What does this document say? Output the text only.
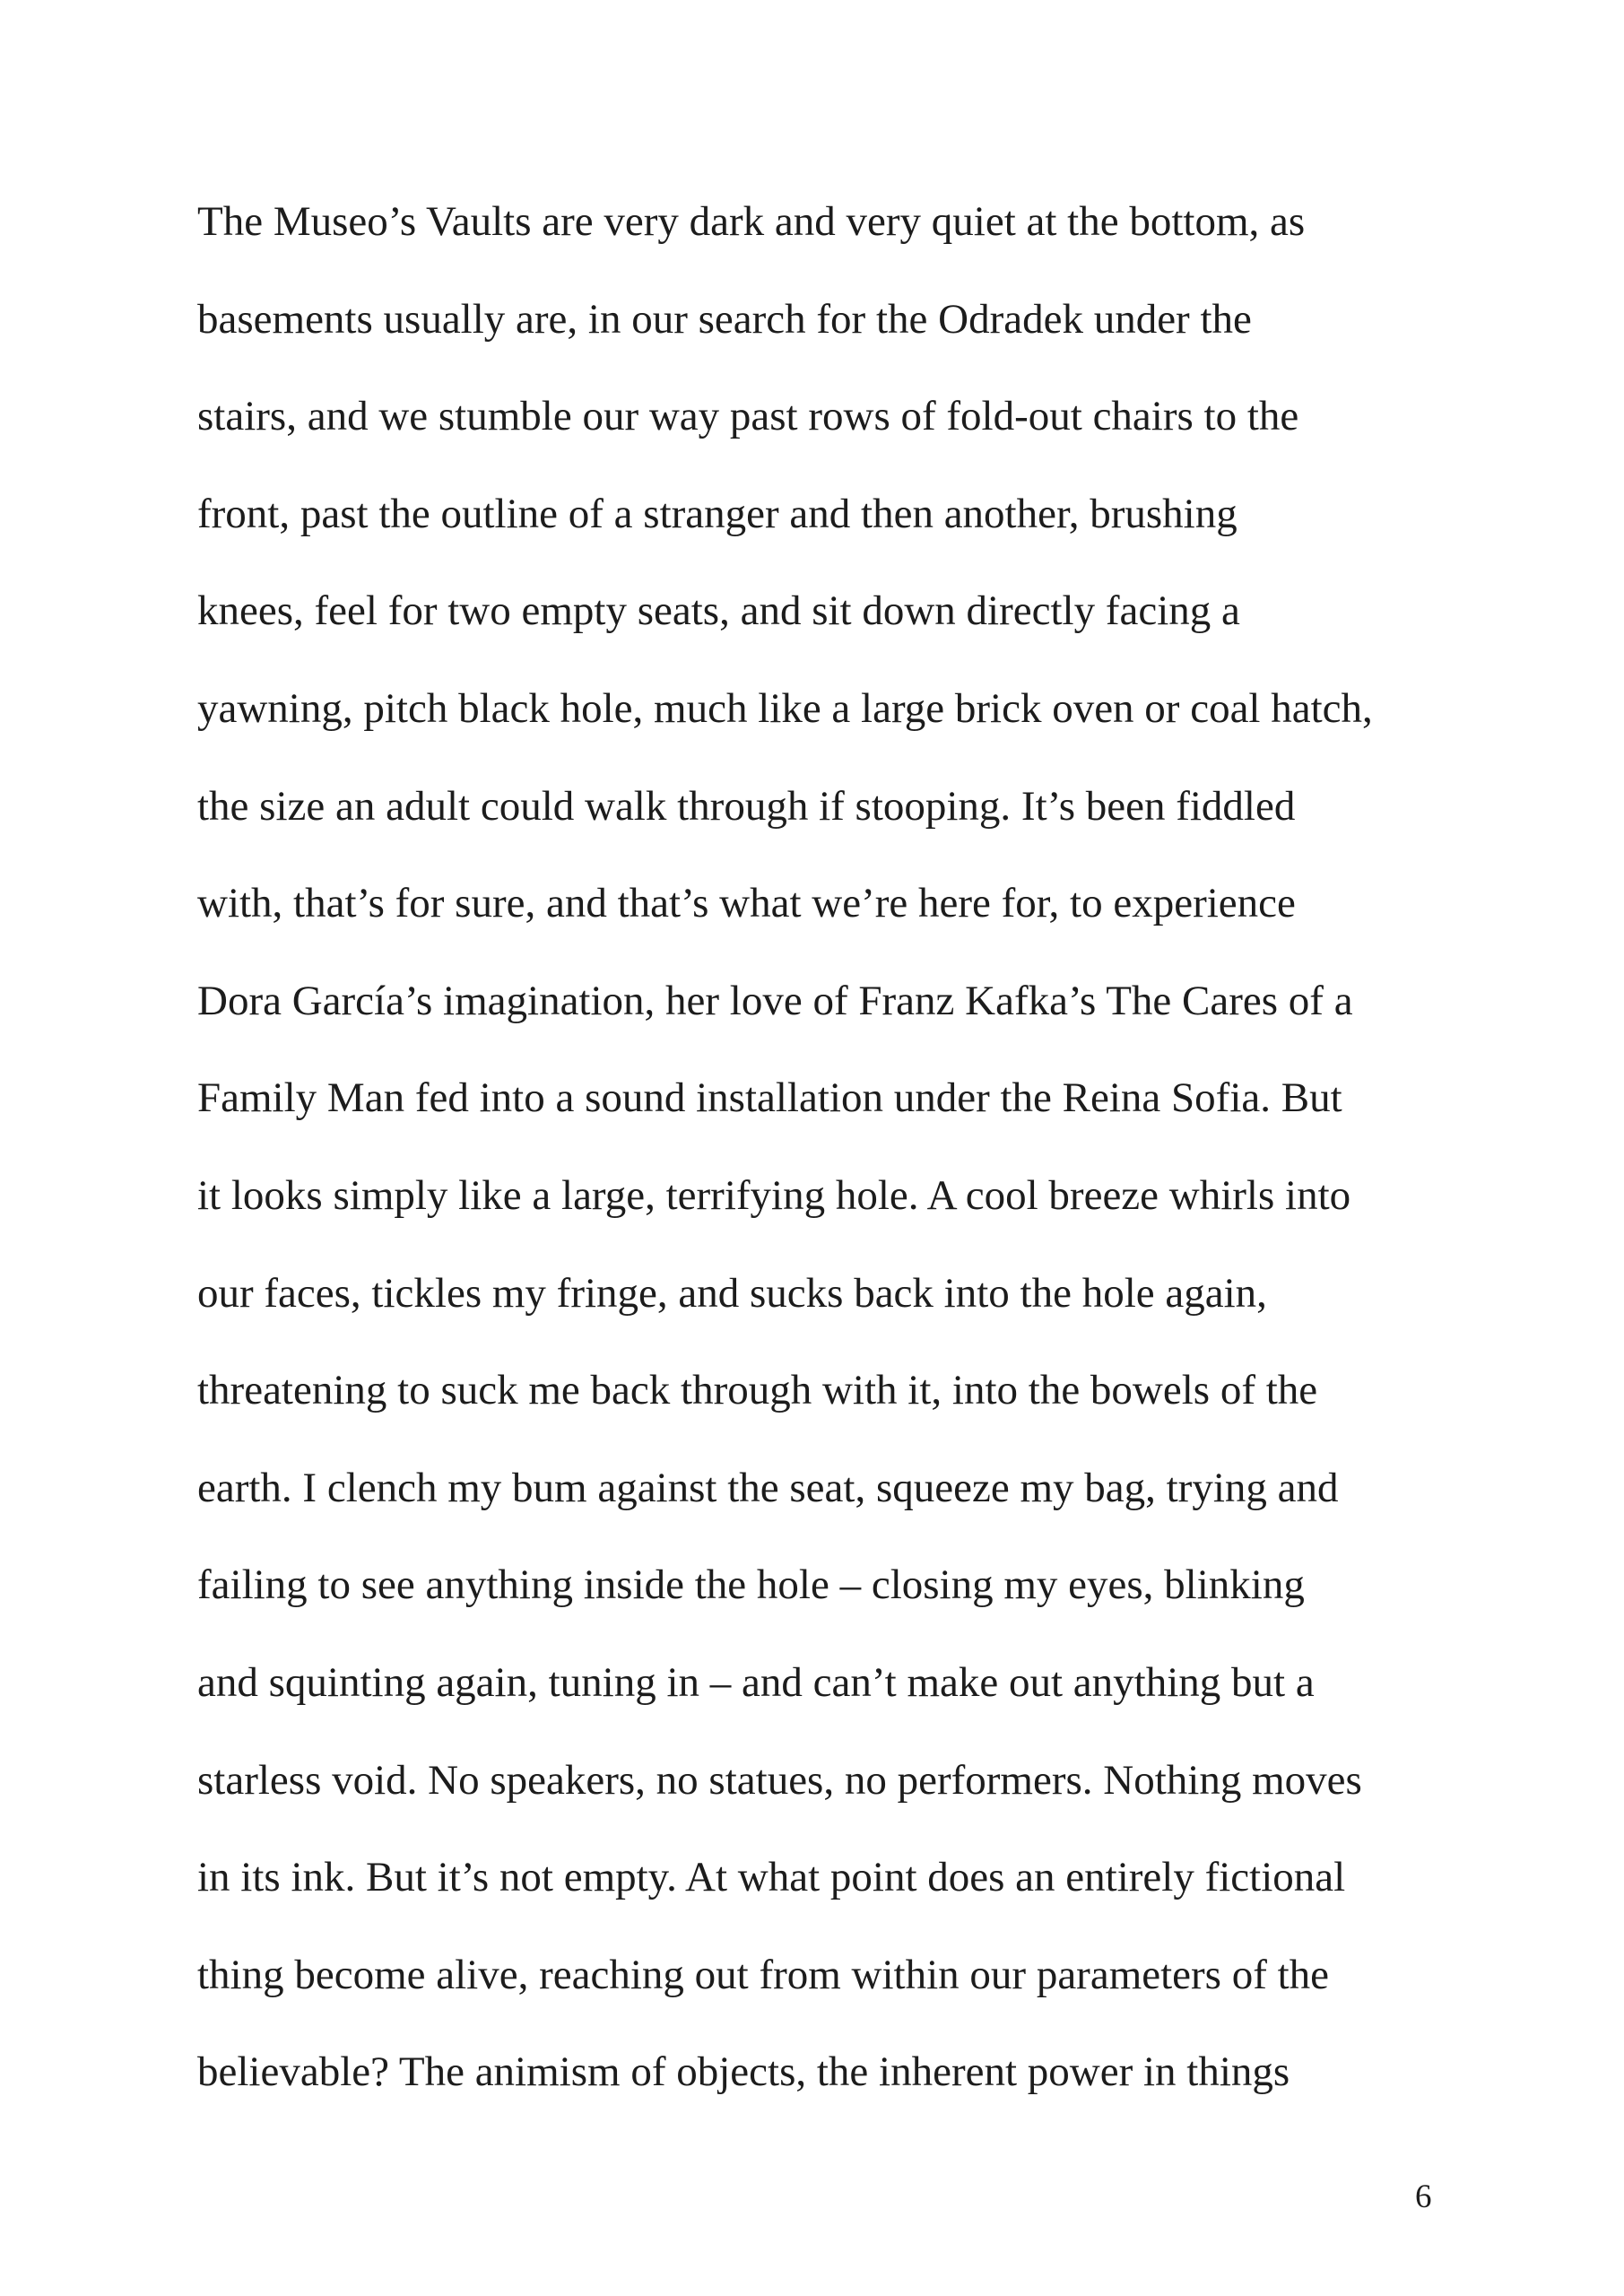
The Museo’s Vaults are very dark and very quiet at the bottom, as
basements usually are, in our search for the Odradek under the
stairs, and we stumble our way past rows of fold-out chairs to the
front, past the outline of a stranger and then another, brushing
knees, feel for two empty seats, and sit down directly facing a
yawning, pitch black hole, much like a large brick oven or coal hatch,
the size an adult could walk through if stooping. It’s been fiddled
with, that’s for sure, and that’s what we’re here for, to experience
Dora García’s imagination, her love of Franz Kafka’s The Cares of a
Family Man fed into a sound installation under the Reina Sofia. But
it looks simply like a large, terrifying hole. A cool breeze whirls into
our faces, tickles my fringe, and sucks back into the hole again,
threatening to suck me back through with it, into the bowels of the
earth. I clench my bum against the seat, squeeze my bag, trying and
failing to see anything inside the hole – closing my eyes, blinking
and squinting again, tuning in – and can’t make out anything but a
starless void. No speakers, no statues, no performers. Nothing moves
in its ink. But it’s not empty. At what point does an entirely fictional
thing become alive, reaching out from within our parameters of the
believable? The animism of objects, the inherent power in things
6
